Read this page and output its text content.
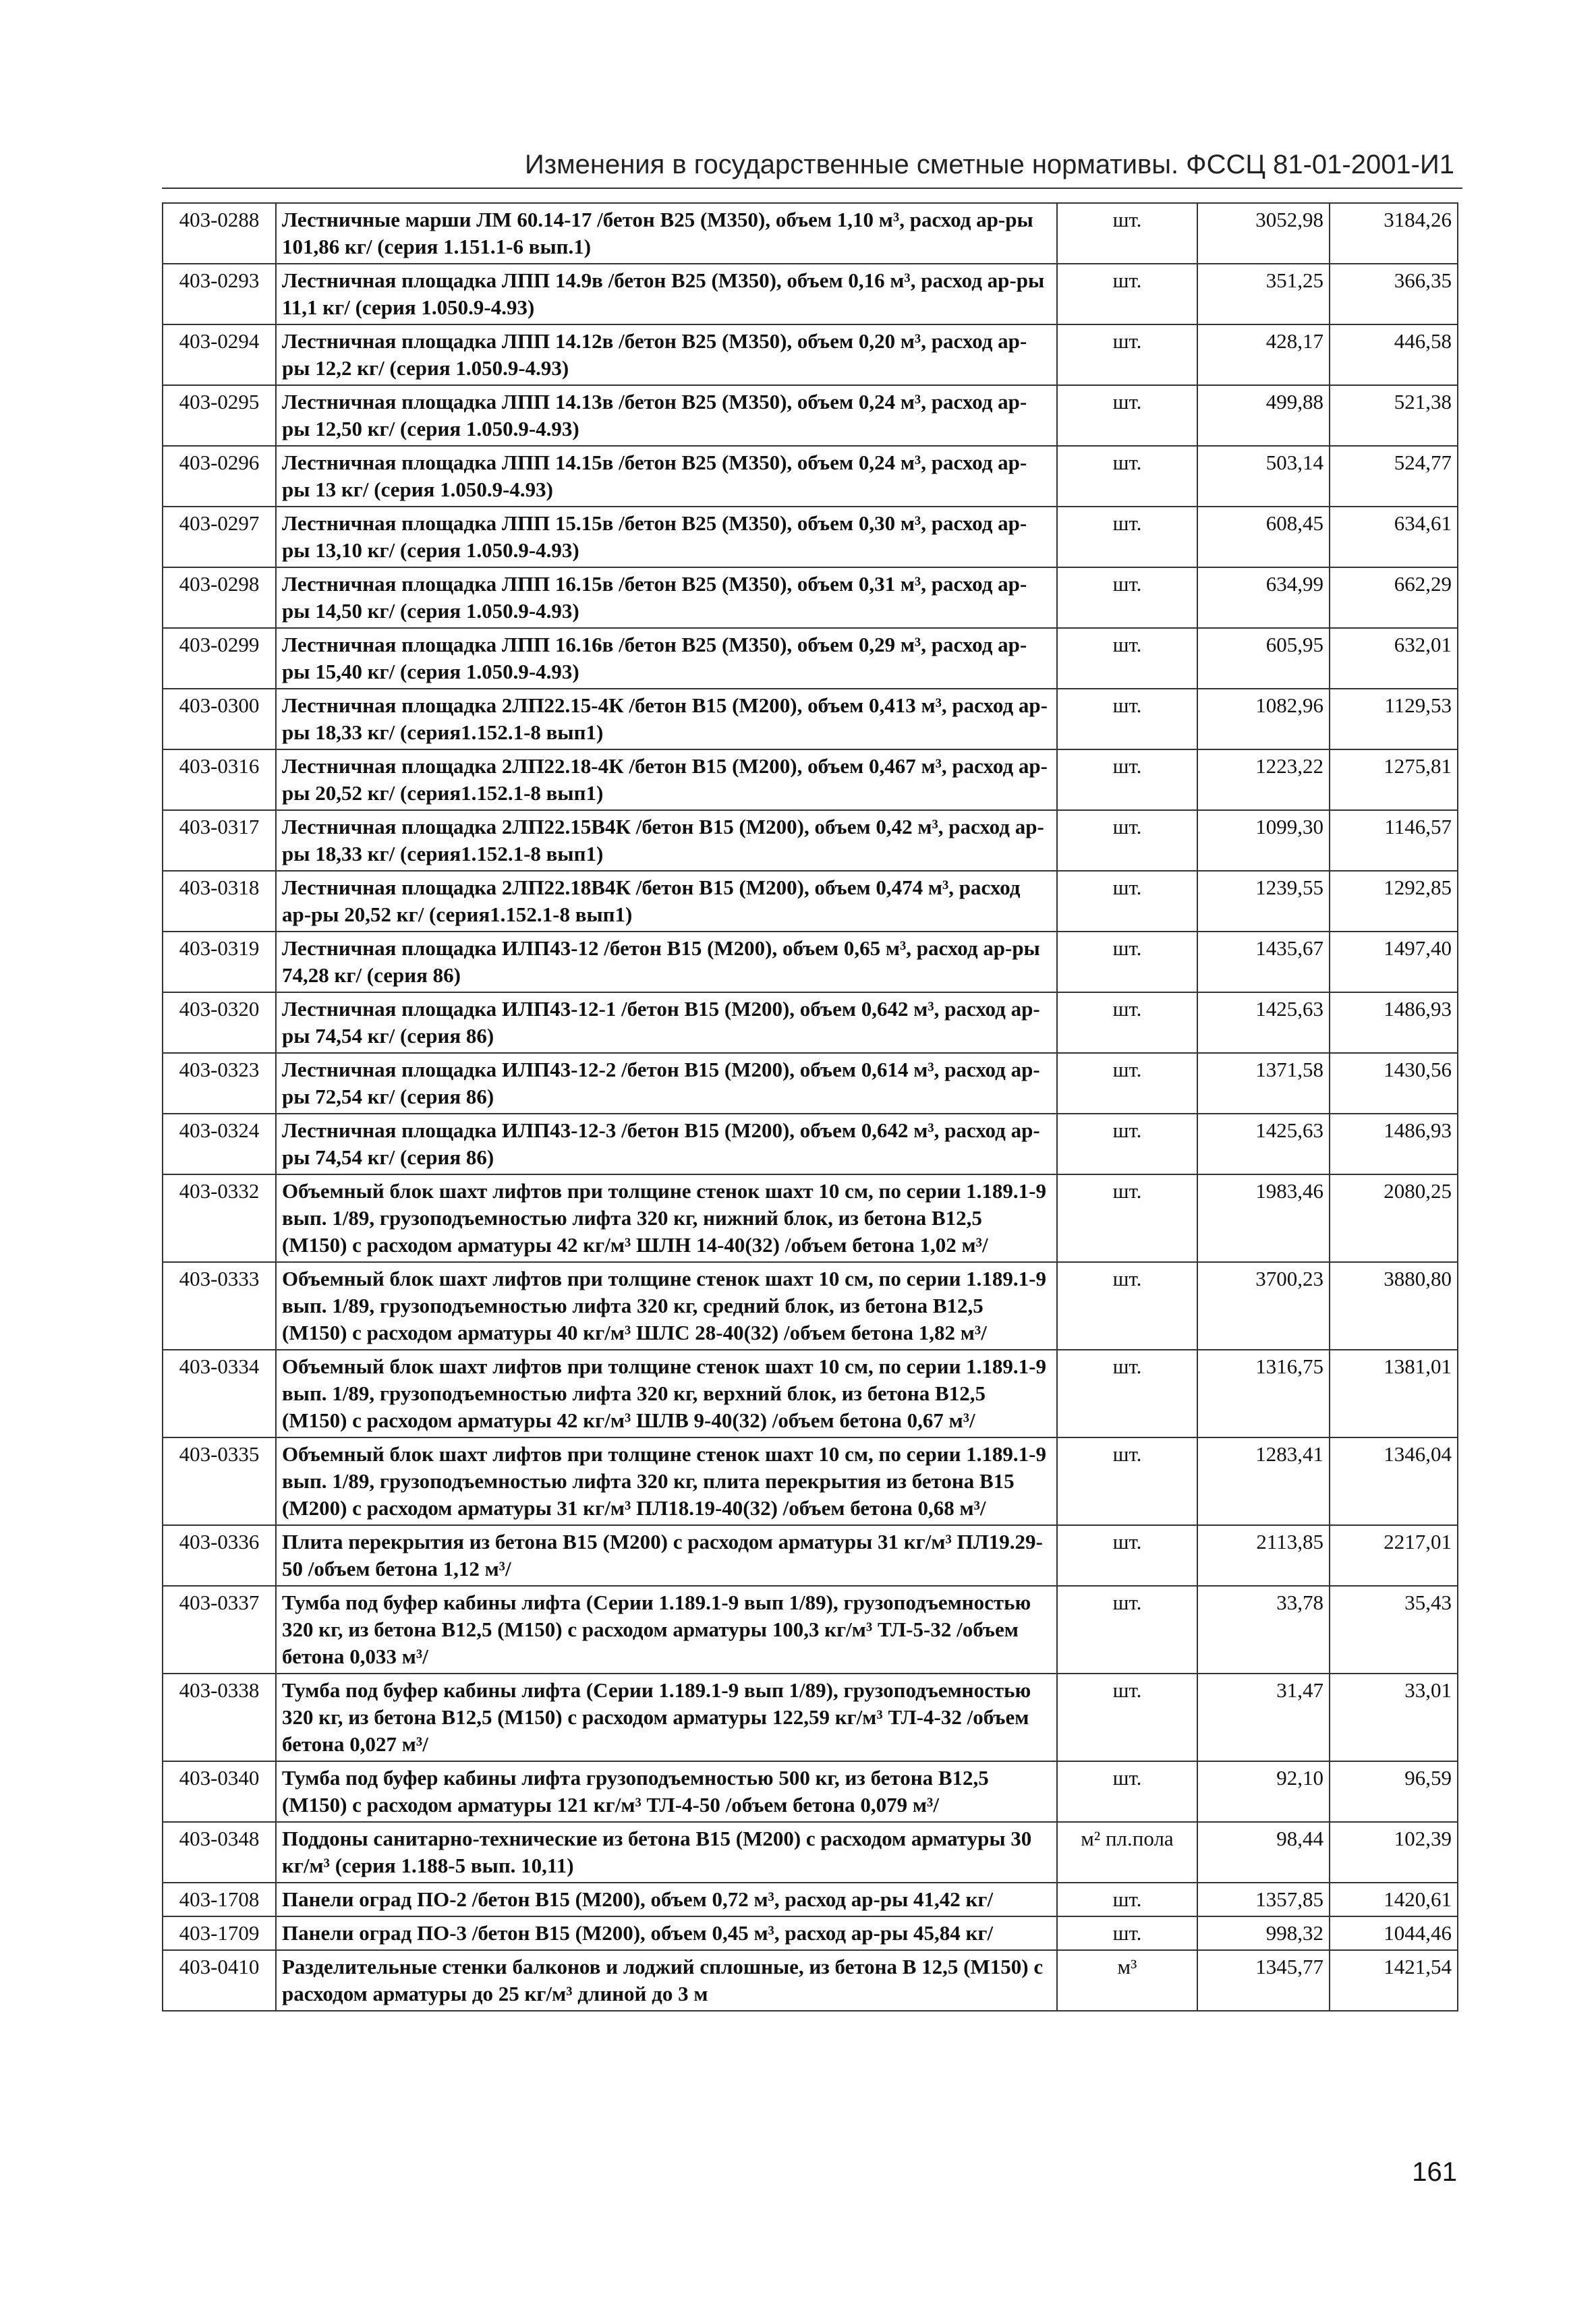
Изменения в государственные сметные нормативы. ФССЦ 81-01-2001-И1
403-0288	Лестничные марши ЛМ 60.14-17 /бетон В25 (М350), объем 1,10 м³, расход ар-ры 101,86 кг/ (серия 1.151.1-6 вып.1)	шт.	3052,98	3184,26
403-0293	Лестничная площадка ЛПП 14.9в /бетон В25 (М350), объем 0,16 м³, расход ар-ры 11,1 кг/ (серия 1.050.9-4.93)	шт.	351,25	366,35
403-0294	Лестничная площадка ЛПП 14.12в /бетон В25 (М350), объем 0,20 м³, расход ар-ры 12,2 кг/ (серия 1.050.9-4.93)	шт.	428,17	446,58
403-0295	Лестничная площадка ЛПП 14.13в /бетон В25 (М350), объем 0,24 м³, расход ар-ры 12,50 кг/ (серия 1.050.9-4.93)	шт.	499,88	521,38
403-0296	Лестничная площадка ЛПП 14.15в /бетон В25 (М350), объем 0,24 м³, расход ар-ры 13 кг/ (серия 1.050.9-4.93)	шт.	503,14	524,77
403-0297	Лестничная площадка ЛПП 15.15в /бетон В25 (М350), объем 0,30 м³, расход ар-ры 13,10 кг/ (серия 1.050.9-4.93)	шт.	608,45	634,61
403-0298	Лестничная площадка ЛПП 16.15в /бетон В25 (М350), объем 0,31 м³, расход ар-ры 14,50 кг/ (серия 1.050.9-4.93)	шт.	634,99	662,29
403-0299	Лестничная площадка ЛПП 16.16в /бетон В25 (М350), объем 0,29 м³, расход ар-ры 15,40 кг/ (серия 1.050.9-4.93)	шт.	605,95	632,01
403-0300	Лестничная площадка 2ЛП22.15-4К /бетон В15 (М200), объем 0,413 м³, расход ар-ры 18,33 кг/ (серия1.152.1-8 вып1)	шт.	1082,96	1129,53
403-0316	Лестничная площадка 2ЛП22.18-4К /бетон В15 (М200), объем 0,467 м³, расход ар-ры 20,52 кг/ (серия1.152.1-8 вып1)	шт.	1223,22	1275,81
403-0317	Лестничная площадка 2ЛП22.15В4К /бетон В15 (М200), объем 0,42 м³, расход ар-ры 18,33 кг/ (серия1.152.1-8 вып1)	шт.	1099,30	1146,57
403-0318	Лестничная площадка 2ЛП22.18В4К /бетон В15 (М200), объем 0,474 м³, расход ар-ры 20,52 кг/ (серия1.152.1-8 вып1)	шт.	1239,55	1292,85
403-0319	Лестничная площадка ИЛП43-12 /бетон В15 (М200), объем 0,65 м³, расход ар-ры 74,28 кг/ (серия 86)	шт.	1435,67	1497,40
403-0320	Лестничная площадка ИЛП43-12-1 /бетон В15 (М200), объем 0,642 м³, расход ар-ры 74,54 кг/ (серия 86)	шт.	1425,63	1486,93
403-0323	Лестничная площадка ИЛП43-12-2 /бетон В15 (М200), объем 0,614 м³, расход ар-ры 72,54 кг/ (серия 86)	шт.	1371,58	1430,56
403-0324	Лестничная площадка ИЛП43-12-3 /бетон В15 (М200), объем 0,642 м³, расход ар-ры 74,54 кг/ (серия 86)	шт.	1425,63	1486,93
403-0332	Объемный блок шахт лифтов при толщине стенок шахт 10 см, по серии 1.189.1-9 вып. 1/89, грузоподъемностью лифта 320 кг, нижний блок, из бетона В12,5 (М150) с расходом арматуры 42 кг/м³ ШЛН 14-40(32) /объем бетона 1,02 м³/	шт.	1983,46	2080,25
403-0333	Объемный блок шахт лифтов при толщине стенок шахт 10 см, по серии 1.189.1-9 вып. 1/89, грузоподъемностью лифта 320 кг, средний блок, из бетона В12,5 (М150) с расходом арматуры 40 кг/м³ ШЛС 28-40(32) /объем бетона 1,82 м³/	шт.	3700,23	3880,80
403-0334	Объемный блок шахт лифтов при толщине стенок шахт 10 см, по серии 1.189.1-9 вып. 1/89, грузоподъемностью лифта 320 кг, верхний блок, из бетона В12,5 (М150) с расходом арматуры 42 кг/м³ ШЛВ 9-40(32) /объем бетона 0,67 м³/	шт.	1316,75	1381,01
403-0335	Объемный блок шахт лифтов при толщине стенок шахт 10 см, по серии 1.189.1-9 вып. 1/89, грузоподъемностью лифта 320 кг, плита перекрытия из бетона В15 (М200) с расходом арматуры 31 кг/м³ ПЛ18.19-40(32) /объем бетона 0,68 м³/	шт.	1283,41	1346,04
403-0336	Плита перекрытия из бетона В15 (М200) с расходом арматуры 31 кг/м³ ПЛ19.29-50 /объем бетона 1,12 м³/	шт.	2113,85	2217,01
403-0337	Тумба под буфер кабины лифта (Серии 1.189.1-9 вып 1/89), грузоподъемностью 320 кг, из бетона В12,5 (М150) с расходом арматуры 100,3 кг/м³ ТЛ-5-32 /объем бетона 0,033 м³/	шт.	33,78	35,43
403-0338	Тумба под буфер кабины лифта (Серии 1.189.1-9 вып 1/89), грузоподъемностью 320 кг, из бетона В12,5 (М150) с расходом арматуры 122,59 кг/м³ ТЛ-4-32 /объем бетона 0,027 м³/	шт.	31,47	33,01
403-0340	Тумба под буфер кабины лифта грузоподъемностью 500 кг, из бетона В12,5 (М150) с расходом арматуры 121 кг/м³ ТЛ-4-50 /объем бетона 0,079 м³/	шт.	92,10	96,59
403-0348	Поддоны санитарно-технические из бетона В15 (М200) с расходом арматуры 30 кг/м³ (серия 1.188-5 вып. 10,11)	м² пл.пола	98,44	102,39
403-1708	Панели оград ПО-2 /бетон В15 (М200), объем 0,72 м³, расход ар-ры 41,42 кг/	шт.	1357,85	1420,61
403-1709	Панели оград ПО-3 /бетон В15 (М200), объем 0,45 м³, расход ар-ры 45,84 кг/	шт.	998,32	1044,46
403-0410	Разделительные стенки балконов и лоджий сплошные, из бетона В 12,5 (М150) с расходом арматуры до 25 кг/м³ длиной до 3 м	м³	1345,77	1421,54
161
